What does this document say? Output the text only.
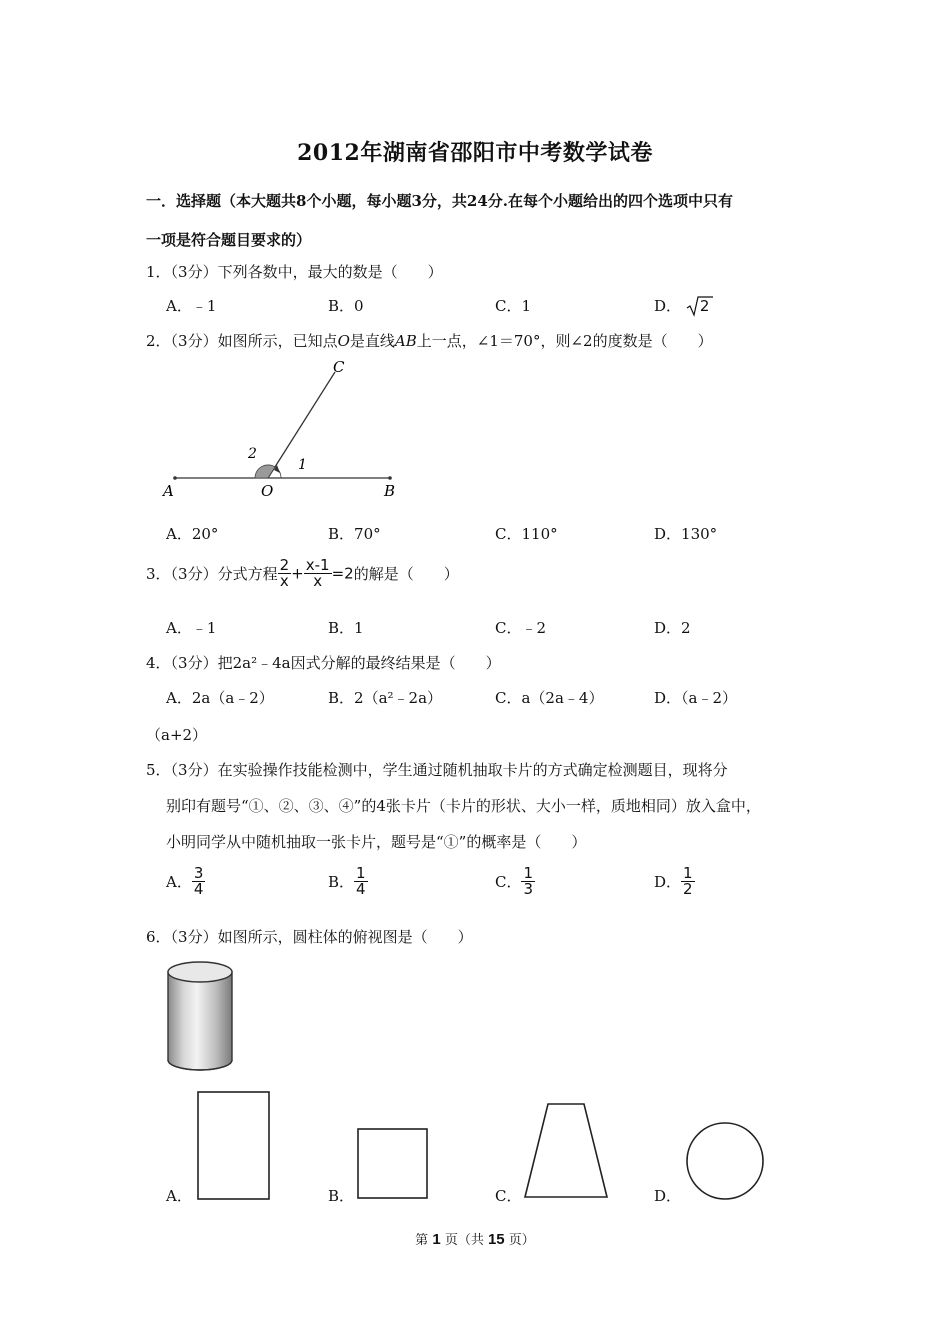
2012年湖南省邵阳市中考数学试卷
一．选择题（本大题共8个小题，每小题3分，共24分.在每个小题给出的四个选项中只有
一项是符合题目要求的）
1．（3分）下列各数中，最大的数是（　　）
A．﹣1	B．0	C．1	D． 2
2．（3分）如图所示，已知点O是直线AB上一点，∠1＝70°，则∠2的度数是（　　）
A	O	B
C
1
2
A．20°	B．70°	C．110°	D．130°
3．（3分）分式方程 $\frac{2}{x} + \frac{x-1}{x} =2$的解是（　　）
A．﹣1	B．1	C．﹣2	D．2
4．（3分）把2a²﹣4a因式分解的最终结果是（　　）
A．2a（a﹣2）	B．2（a²﹣2a）	C．a（2a﹣4）	D．（a﹣2）
（a+2）
5．（3分）在实验操作技能检测中，学生通过随机抽取卡片的方式确定检测题目，现将分
别印有题号“①、②、③、④”的4张卡片（卡片的形状、大小一样，质地相同）放入盒中，
小明同学从中随机抽取一张卡片，题号是“①”的概率是（　　）
A． $\frac{3}{4}$	B． $\frac{1}{4}$	C． $\frac{1}{3}$	D． $\frac{1}{2}$
6．（3分）如图所示，圆柱体的俯视图是（　　）
A．	B．	C．	D．
第 1 页（共 15 页）
